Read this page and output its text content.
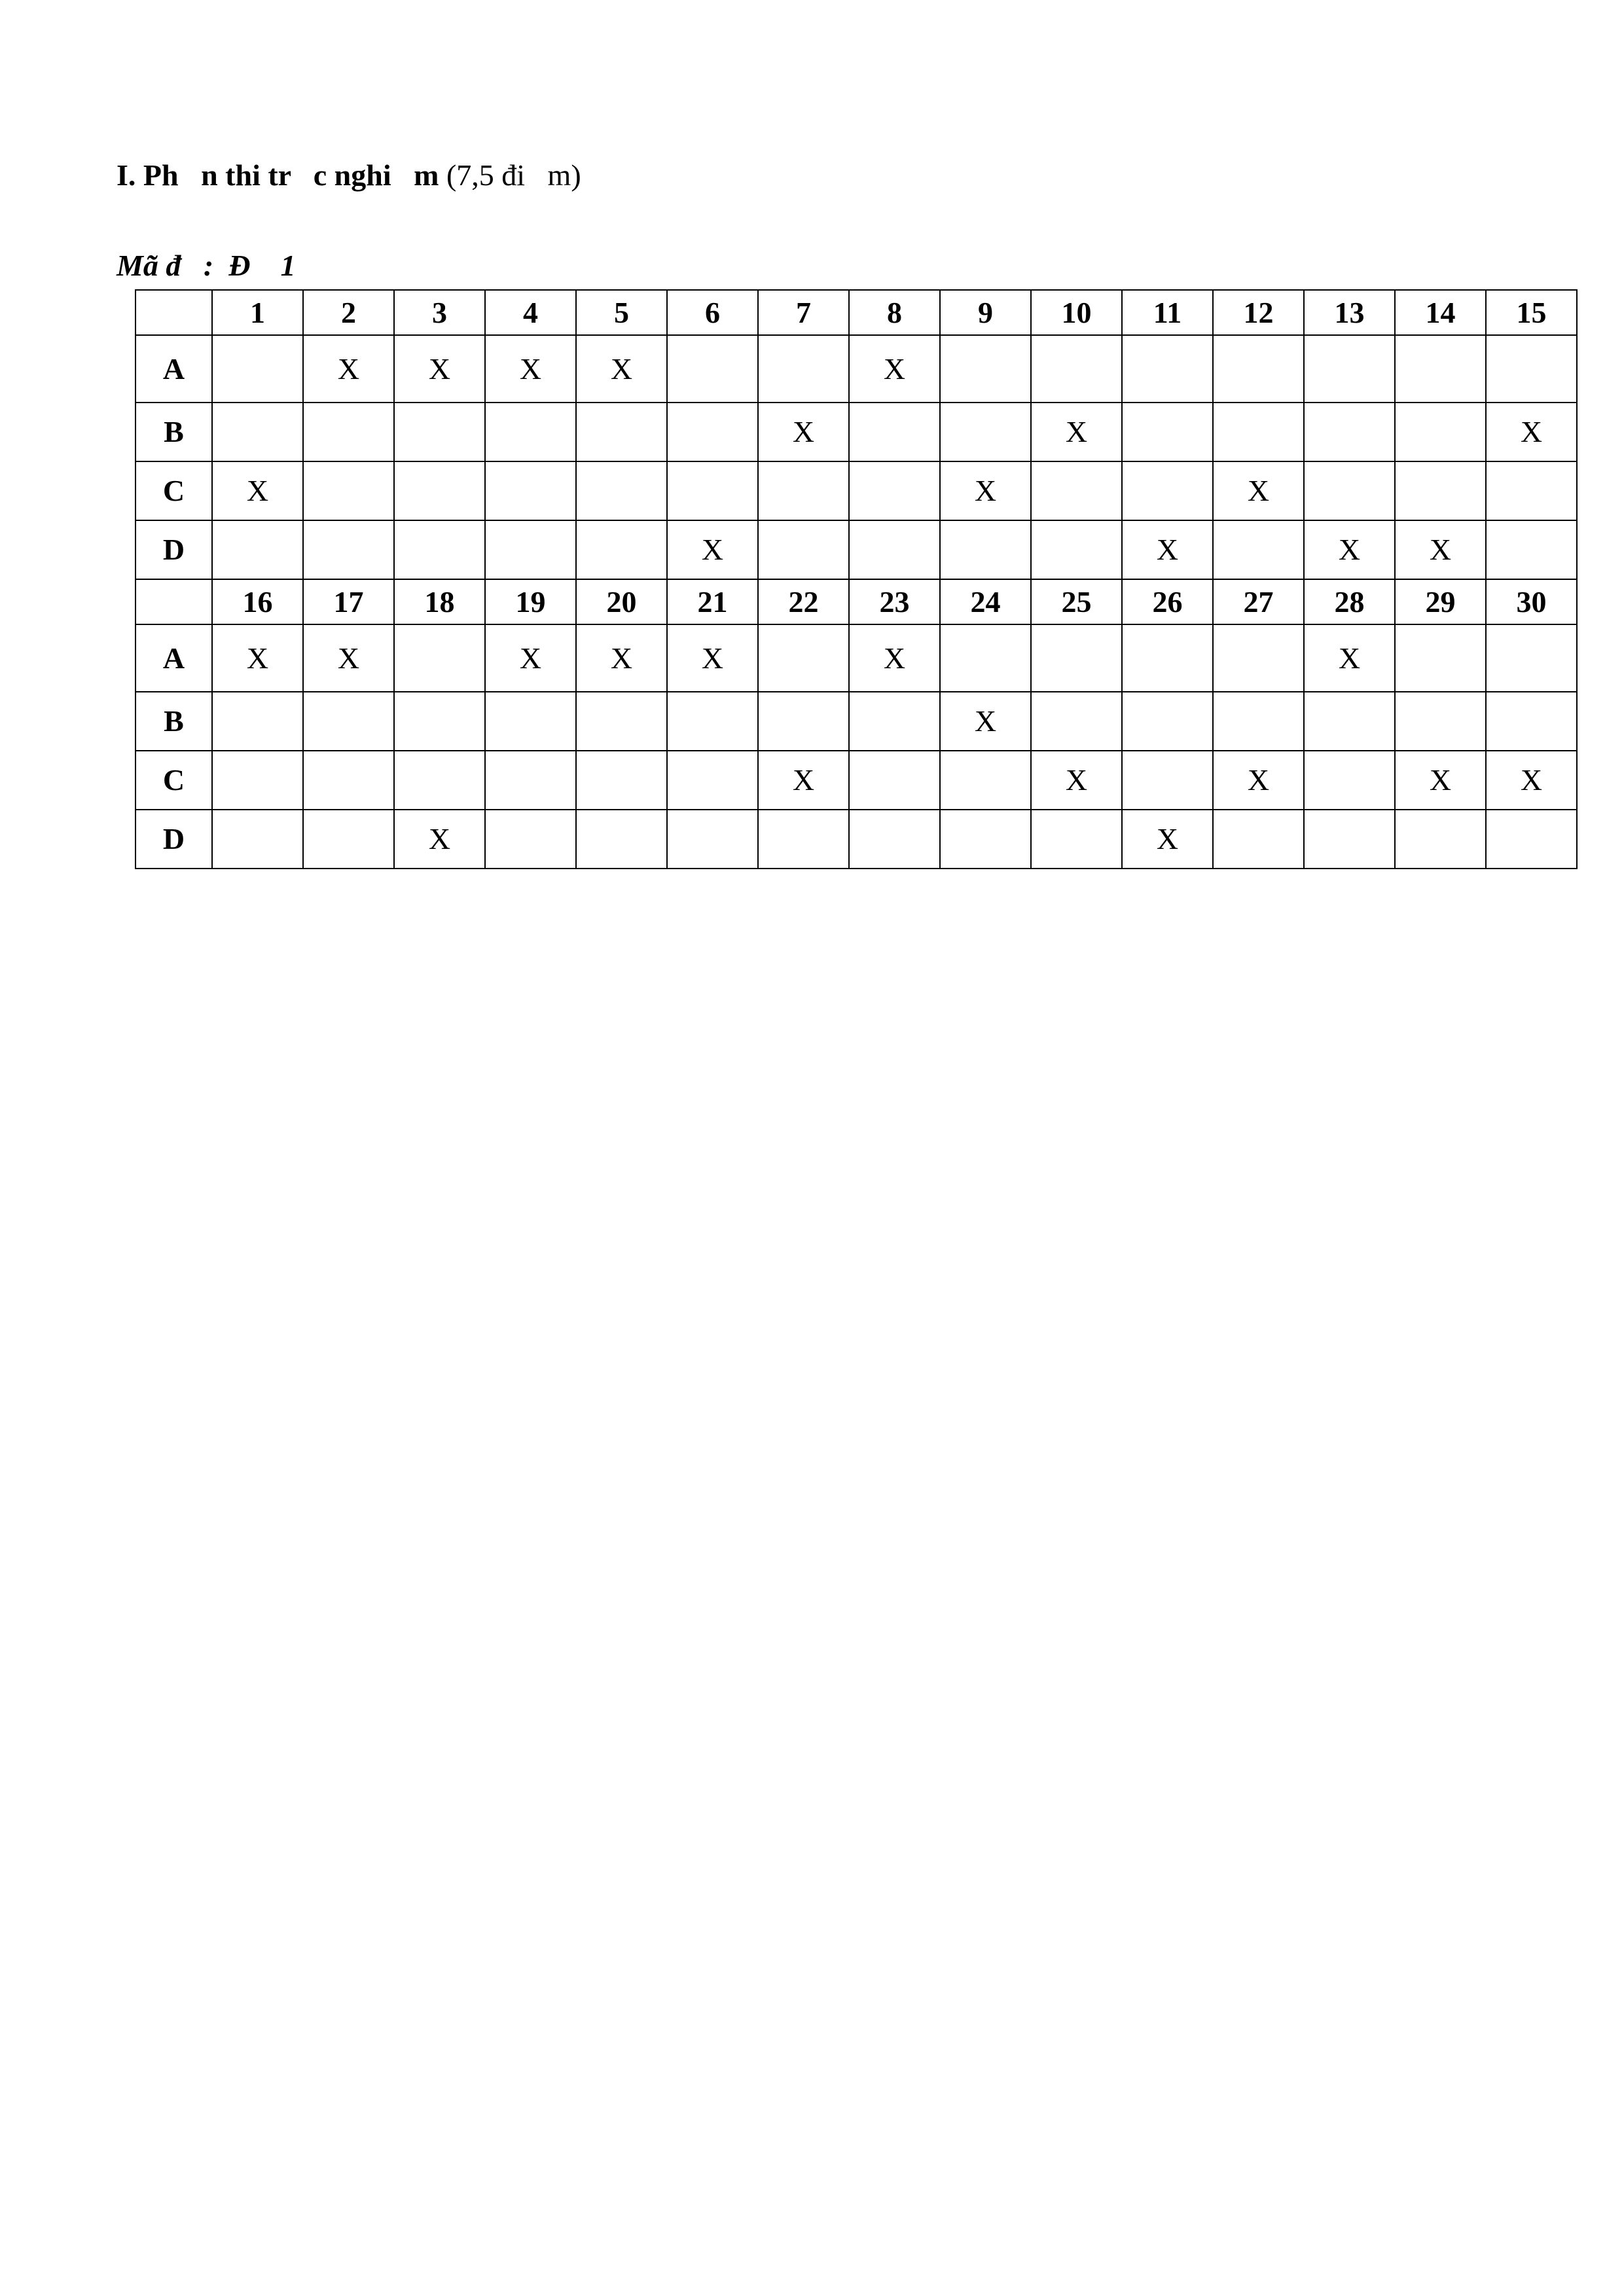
I. Ph   n thi tr   c nghi   m (7,5 đi   m)
Mã đ   :  Đ    1
	1	2	3	4	5	6	7	8	9	10	11	12	13	14	15
A		X	X	X	X			X							
B							X			X					X
C	X								X			X			
D						X					X		X	X	
	16	17	18	19	20	21	22	23	24	25	26	27	28	29	30
A	X	X		X	X	X		X					X		
B									X						
C							X			X		X		X	X
D			X								X				
